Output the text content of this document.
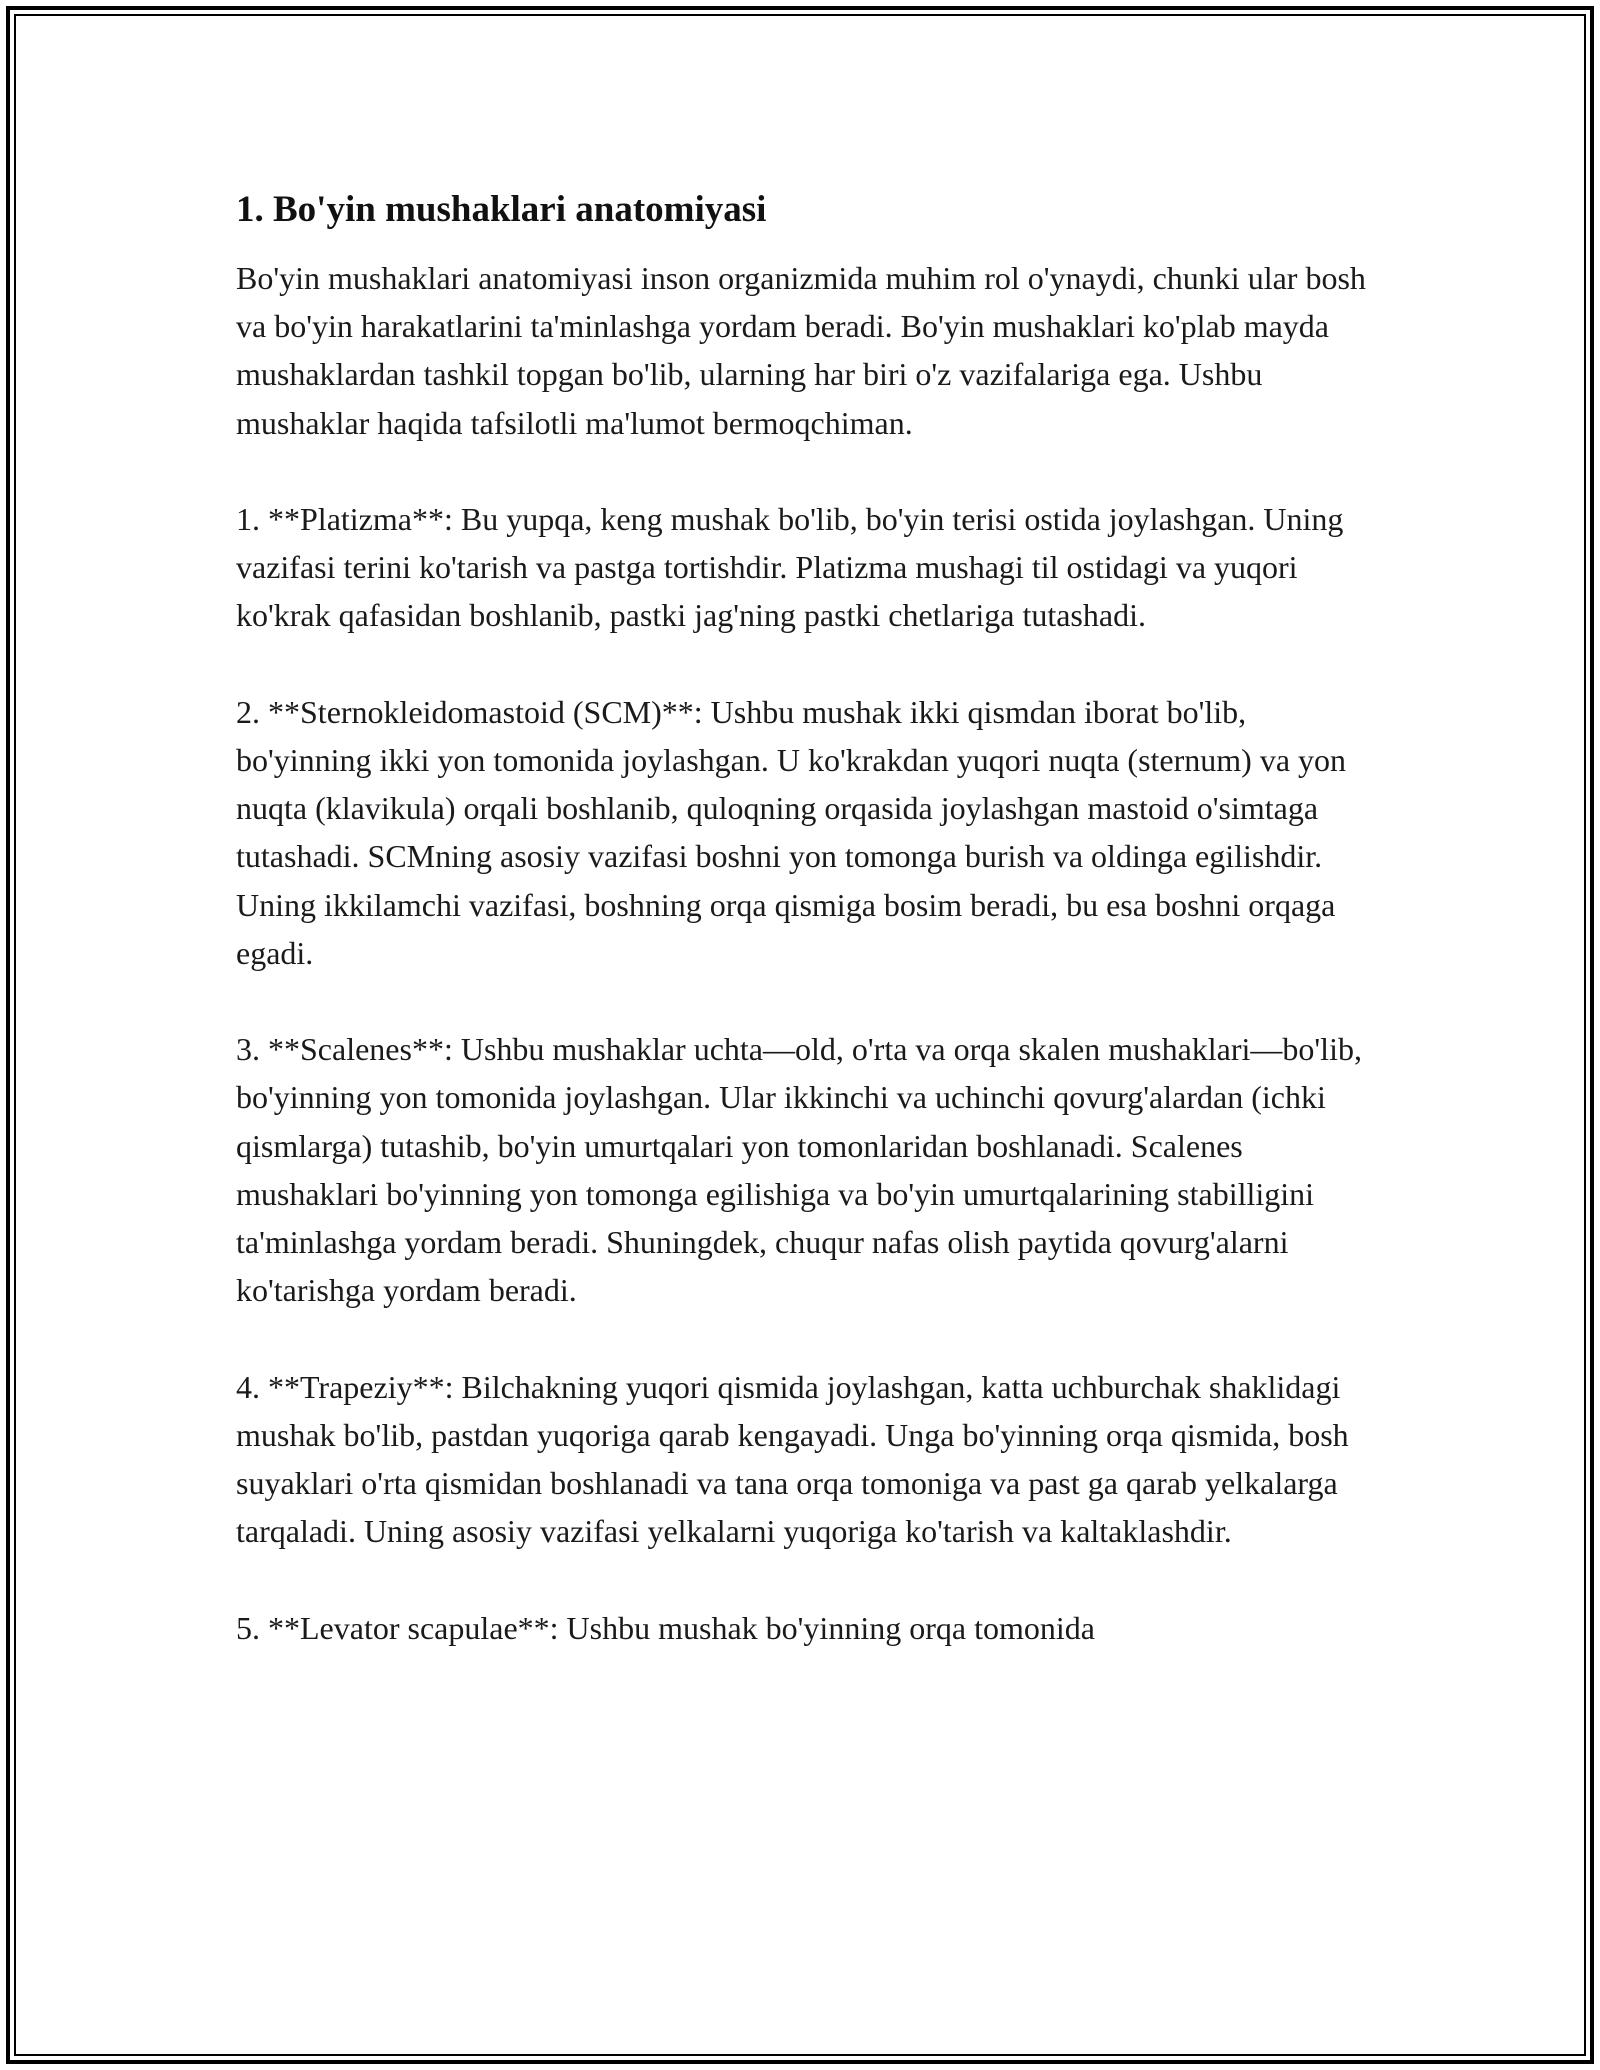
1. Bo'yin mushaklari anatomiyasi

Bo'yin mushaklari anatomiyasi inson organizmida muhim rol o'ynaydi, chunki ular bosh va bo'yin harakatlarini ta'minlashga yordam beradi. Bo'yin mushaklari ko'plab mayda mushaklardan tashkil topgan bo'lib, ularning har biri o'z vazifalariga ega. Ushbu mushaklar haqida tafsilotli ma'lumot bermoqchiman.

1. **Platizma**: Bu yupqa, keng mushak bo'lib, bo'yin terisi ostida joylashgan. Uning vazifasi terini ko'tarish va pastga tortishdir. Platizma mushagi til ostidagi va yuqori ko'krak qafasidan boshlanib, pastki jag'ning pastki chetlariga tutashadi.

2. **Sternokleidomastoid (SCM)**: Ushbu mushak ikki qismdan iborat bo'lib, bo'yinning ikki yon tomonida joylashgan. U ko'krakdan yuqori nuqta (sternum) va yon nuqta (klavikula) orqali boshlanib, quloqning orqasida joylashgan mastoid o'simtaga tutashadi. SCMning asosiy vazifasi boshni yon tomonga burish va oldinga egilishdir. Uning ikkilamchi vazifasi, boshning orqa qismiga bosim beradi, bu esa boshni orqaga egadi.

3. **Scalenes**: Ushbu mushaklar uchta—old, o'rta va orqa skalen mushaklari—bo'lib, bo'yinning yon tomonida joylashgan. Ular ikkinchi va uchinchi qovurg'alardan (ichki qismlarga) tutashib, bo'yin umurtqalari yon tomonlaridan boshlanadi. Scalenes mushaklari bo'yinning yon tomonga egilishiga va bo'yin umurtqalarining stabilligini ta'minlashga yordam beradi. Shuningdek, chuqur nafas olish paytida qovurg'alarni ko'tarishga yordam beradi.

4. **Trapeziy**: Bilchakning yuqori qismida joylashgan, katta uchburchak shaklidagi mushak bo'lib, pastdan yuqoriga qarab kengayadi. Unga bo'yinning orqa qismida, bosh suyaklari o'rta qismidan boshlanadi va tana orqa tomoniga va past ga qarab yelkalarga tarqaladi. Uning asosiy vazifasi yelkalarni yuqoriga ko'tarish va kaltaklashdir.

5. **Levator scapulae**: Ushbu mushak bo'yinning orqa tomonida
